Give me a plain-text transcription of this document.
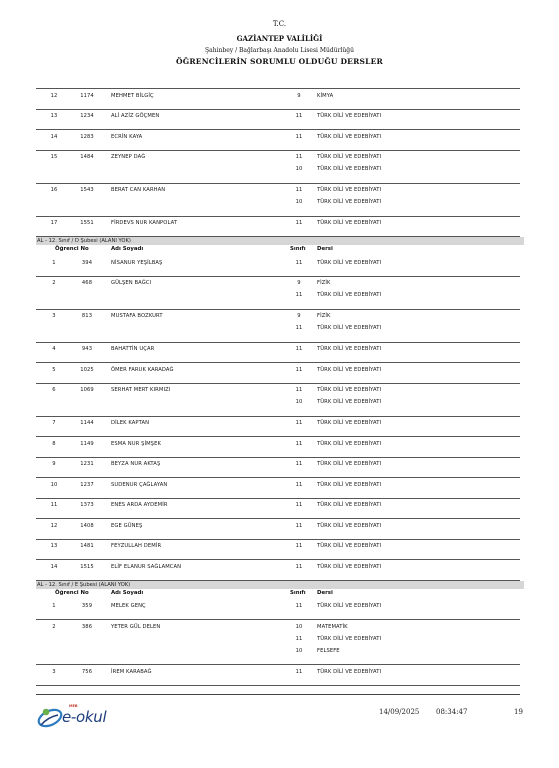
T.C.
GAZİANTEP VALİLİĞİ
Şahinbey / Bağlarbaşı Anadolu Lisesi Müdürlüğü
ÖĞRENCİLERİN SORUMLU OLDUĞU DERSLER
12	1174	MEHMET BİLGİÇ	9	KİMYA
13	1234	ALİ AZİZ GÖÇMEN	11	TÜRK DİLİ VE EDEBİYATI
14	1283	ECRİN KAYA	11	TÜRK DİLİ VE EDEBİYATI
15	1484	ZEYNEP DAĞ	11	TÜRK DİLİ VE EDEBİYATI
10	TÜRK DİLİ VE EDEBİYATI
16	1543	BERAT CAN KARHAN	11	TÜRK DİLİ VE EDEBİYATI
10	TÜRK DİLİ VE EDEBİYATI
17	1551	FİRDEVS NUR KANPOLAT	11	TÜRK DİLİ VE EDEBİYATI
AL - 12. Sınıf / D Şubesi (ALANI YOK)
Öğrenci No	Adı Soyadı	Sınıfı Dersi
1	394	NİSANUR YEŞİLBAŞ	11	TÜRK DİLİ VE EDEBİYATI
2	468	GÜLŞEN BAĞCI	9	FİZİK
11	TÜRK DİLİ VE EDEBİYATI
3	813	MUSTAFA BOZKURT	9	FİZİK
11	TÜRK DİLİ VE EDEBİYATI
4	943	BAHATTİN UÇAR	11	TÜRK DİLİ VE EDEBİYATI
5	1025	ÖMER FARUK KARADAĞ	11	TÜRK DİLİ VE EDEBİYATI
6	1069	SERHAT MERT KIRMIZI	11	TÜRK DİLİ VE EDEBİYATI
10	TÜRK DİLİ VE EDEBİYATI
7	1144	DİLEK KAPTAN	11	TÜRK DİLİ VE EDEBİYATI
8	1149	ESMA NUR ŞİMŞEK	11	TÜRK DİLİ VE EDEBİYATI
9	1231	BEYZA NUR AKTAŞ	11	TÜRK DİLİ VE EDEBİYATI
10	1237	SUDENUR ÇAĞLAYAN	11	TÜRK DİLİ VE EDEBİYATI
11	1373	ENES ARDA AYDEMİR	11	TÜRK DİLİ VE EDEBİYATI
12	1408	EGE GÜNEŞ	11	TÜRK DİLİ VE EDEBİYATI
13	1481	FEYZULLAH DEMİR	11	TÜRK DİLİ VE EDEBİYATI
14	1515	ELİF ELANUR SAĞLAMCAN	11	TÜRK DİLİ VE EDEBİYATI
AL - 12. Sınıf / E Şubesi (ALANI YOK)
Öğrenci No	Adı Soyadı	Sınıfı Dersi
1	359	MELEK GENÇ	11	TÜRK DİLİ VE EDEBİYATI
2	386	YETER GÜL DELEN	10	MATEMATİK
11	TÜRK DİLİ VE EDEBİYATI
10	FELSEFE
3	756	İREM KARABAĞ	11	TÜRK DİLİ VE EDEBİYATI
MEB
e-okul	14/09/2025 08:34:47	19
